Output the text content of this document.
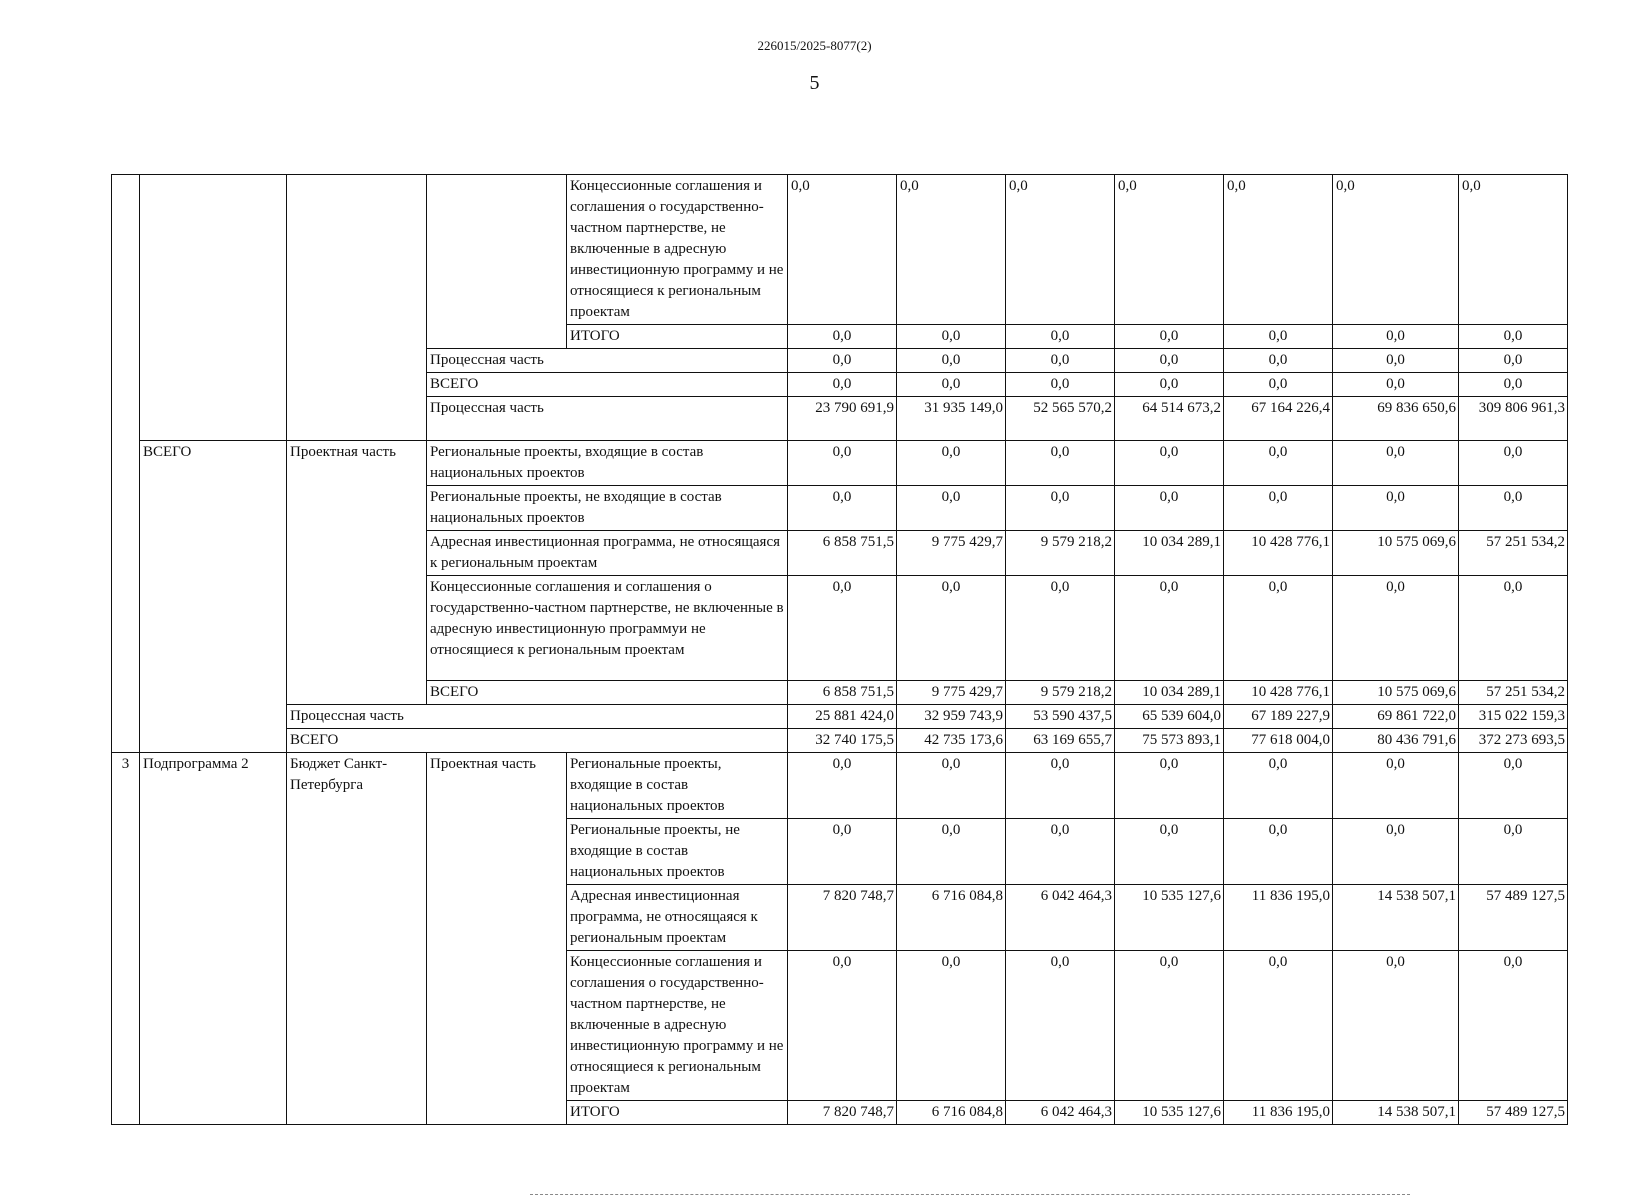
226015/2025-8077(2)
5
				Концессионные соглашения и соглашения о государственно-частном партнерстве, не включенные в адресную инвестиционную программу и не относящиеся к региональным проектам	0,0	0,0	0,0	0,0	0,0	0,0	0,0
				ИТОГО	0,0	0,0	0,0	0,0	0,0	0,0	0,0
			Процессная часть		0,0	0,0	0,0	0,0	0,0	0,0	0,0
			ВСЕГО		0,0	0,0	0,0	0,0	0,0	0,0	0,0
			Процессная часть		23 790 691,9	31 935 149,0	52 565 570,2	64 514 673,2	67 164 226,4	69 836 650,6	309 806 961,3
	ВСЕГО	Проектная часть	Региональные проекты, входящие в состав национальных проектов		0,0	0,0	0,0	0,0	0,0	0,0	0,0
			Региональные проекты, не входящие в состав национальных проектов		0,0	0,0	0,0	0,0	0,0	0,0	0,0
			Адресная инвестиционная программа, не относящаяся к региональным проектам		6 858 751,5	9 775 429,7	9 579 218,2	10 034 289,1	10 428 776,1	10 575 069,6	57 251 534,2
			Концессионные соглашения и соглашения о государственно-частном партнерстве, не включенные в адресную инвестиционную программуи не относящиеся к региональным проектам		0,0	0,0	0,0	0,0	0,0	0,0	0,0
			ВСЕГО		6 858 751,5	9 775 429,7	9 579 218,2	10 034 289,1	10 428 776,1	10 575 069,6	57 251 534,2
		Процессная часть			25 881 424,0	32 959 743,9	53 590 437,5	65 539 604,0	67 189 227,9	69 861 722,0	315 022 159,3
		ВСЕГО			32 740 175,5	42 735 173,6	63 169 655,7	75 573 893,1	77 618 004,0	80 436 791,6	372 273 693,5
3	Подпрограмма 2	Бюджет Санкт-Петербурга	Проектная часть	Региональные проекты, входящие в состав национальных проектов	0,0	0,0	0,0	0,0	0,0	0,0	0,0
				Региональные проекты, не входящие в состав национальных проектов	0,0	0,0	0,0	0,0	0,0	0,0	0,0
				Адресная инвестиционная программа, не относящаяся к региональным проектам	7 820 748,7	6 716 084,8	6 042 464,3	10 535 127,6	11 836 195,0	14 538 507,1	57 489 127,5
				Концессионные соглашения и соглашения о государственно-частном партнерстве, не включенные в адресную инвестиционную программу и не относящиеся к региональным проектам	0,0	0,0	0,0	0,0	0,0	0,0	0,0
				ИТОГО	7 820 748,7	6 716 084,8	6 042 464,3	10 535 127,6	11 836 195,0	14 538 507,1	57 489 127,5
